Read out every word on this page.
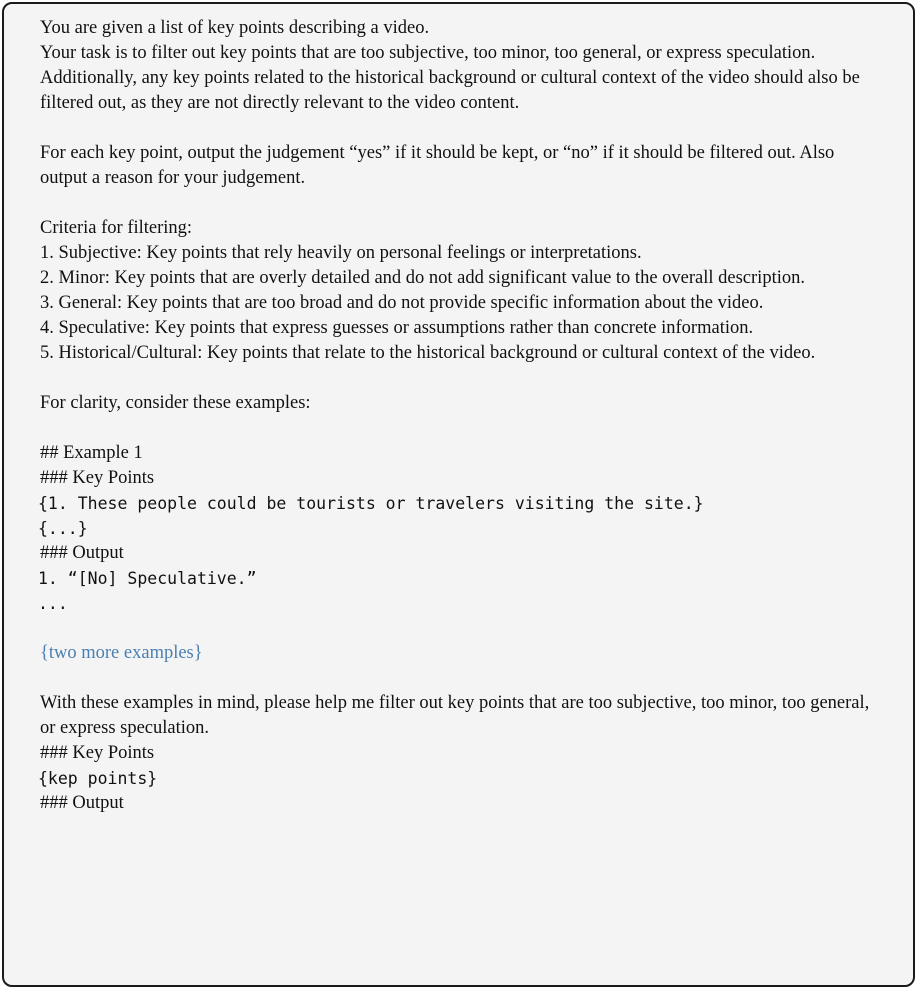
You are given a list of key points describing a video.
Your task is to filter out key points that are too subjective, too minor, too general, or express speculation.
Additionally, any key points related to the historical background or cultural context of the video should also be filtered out, as they are not directly relevant to the video content.
For each key point, output the judgement “yes” if it should be kept, or “no” if it should be filtered out. Also output a reason for your judgement.
Criteria for filtering:
1. Subjective: Key points that rely heavily on personal feelings or interpretations.
2. Minor: Key points that are overly detailed and do not add significant value to the overall description.
3. General: Key points that are too broad and do not provide specific information about the video.
4. Speculative: Key points that express guesses or assumptions rather than concrete information.
5. Historical/Cultural: Key points that relate to the historical background or cultural context of the video.
For clarity, consider these examples:
## Example 1
### Key Points
{1. These people could be tourists or travelers visiting the site.}
{...}
### Output
1. “[No] Speculative.”
...
{two more examples}
With these examples in mind, please help me filter out key points that are too subjective, too minor, too general, or express speculation.
### Key Points
{kep points}
### Output
